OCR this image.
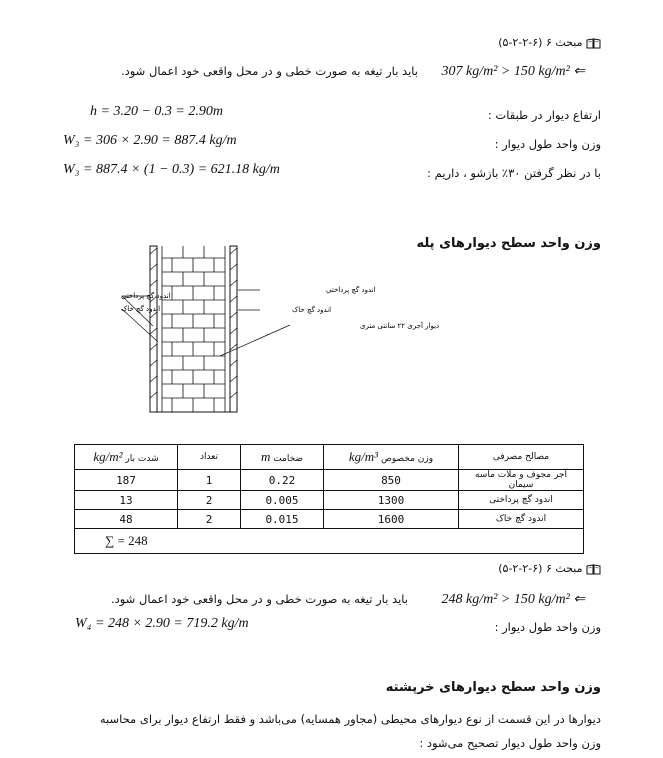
مبحث ۶ (۶-۲-۲-۵)
307 kg/m² > 150 kg/m² ⇐
باید بار تیغه به صورت خطی و در محل واقعی خود اعمال شود.
ارتفاع دیوار در طبقات :
h = 3.20 − 0.3 = 2.90m
وزن واحد طول دیوار :
W₃ = 306 × 2.90 = 887.4 kg/m
با در نظر گرفتن ۳۰٪ بازشو ، داریم :
W₃ = 887.4 × (1 − 0.3) = 621.18 kg/m
وزن واحد سطح دیوارهای پله
اندود گچ پرداختی
اندود گچ خاک
اندود گچ پرداختی
اندود گچ خاک
دیوار آجری ۲۲ سانتی متری
kg/m² شدت بار	تعداد	m ضخامت	kg/m³ وزن مخصوص	مصالح مصرفی
187	1	0.22	850	آجر مجوف و ملات ماسه سیمان
13	2	0.005	1300	اندود گچ پرداختی
48	2	0.015	1600	اندود گچ خاک
∑ = 248				
مبحث ۶ (۶-۲-۲-۵)
248 kg/m² > 150 kg/m² ⇐
باید بار تیغه به صورت خطی و در محل واقعی خود اعمال شود.
وزن واحد طول دیوار :
W₄ = 248 × 2.90 = 719.2 kg/m
وزن واحد سطح دیوارهای خرپشته
دیوارها در این قسمت از نوع دیوارهای محیطی (مجاور همسایه) می‌باشد و فقط ارتفاع دیوار برای محاسبه
وزن واحد طول دیوار تصحیح می‌شود :
